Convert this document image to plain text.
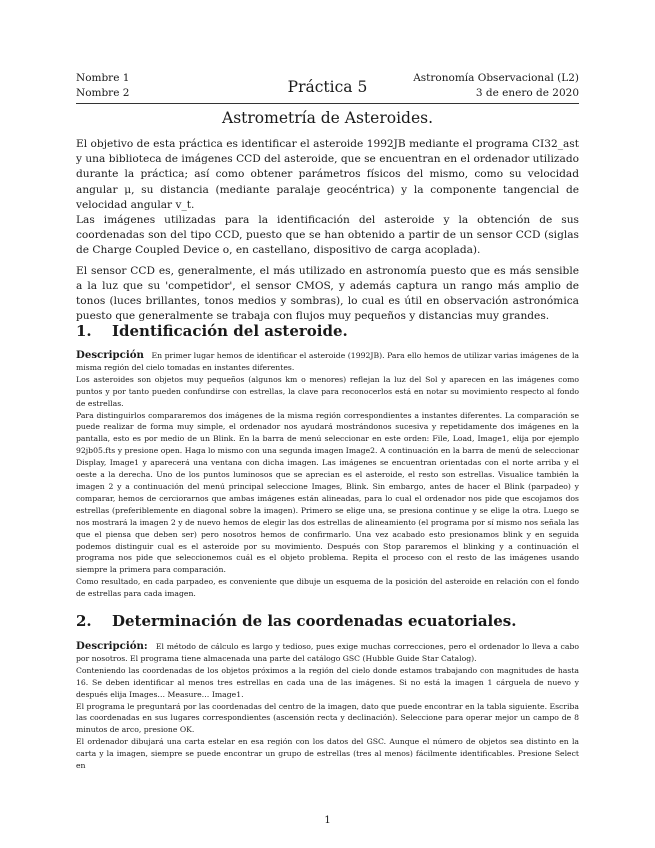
Nombre 1
Nombre 2	Práctica 5	Astronomía Observacional (L2)
3 de enero de 2020
Astrometría de Asteroides.

El objetivo de esta práctica es identificar el asteroide 1992JB mediante el programa CI32_ast y una biblioteca de imágenes CCD del asteroide, que se encuentran en el ordenador utilizado durante la práctica; así como obtener parámetros físicos del mismo, como su velocidad angular μ, su distancia (mediante paralaje geocéntrica) y la componente tangencial de velocidad angular v_t.

Las imágenes utilizadas para la identificación del asteroide y la obtención de sus coordenadas son del tipo CCD, puesto que se han obtenido a partir de un sensor CCD (siglas de Charge Coupled Device o, en castellano, dispositivo de carga acoplada).

El sensor CCD es, generalmente, el más utilizado en astronomía puesto que es más sensible a la luz que su 'competidor', el sensor CMOS, y además captura un rango más amplio de tonos (luces brillantes, tonos medios y sombras), lo cual es útil en observación astronómica puesto que generalmente se trabaja con flujos muy pequeños y distancias muy grandes.

1. Identificación del asteroide.

Descripción En primer lugar hemos de identificar el asteroide (1992JB). Para ello hemos de utilizar varias imágenes de la misma región del cielo tomadas en instantes diferentes.

Los asteroides son objetos muy pequeños (algunos km o menores) reflejan la luz del Sol y aparecen en las imágenes como puntos y por tanto pueden confundirse con estrellas, la clave para reconocerlos está en notar su movimiento respecto al fondo de estrellas.

Para distinguirlos compararemos dos imágenes de la misma región correspondientes a instantes diferentes. La comparación se puede realizar de forma muy simple, el ordenador nos ayudará mostrándonos sucesiva y repetidamente dos imágenes en la pantalla, esto es por medio de un Blink. En la barra de menú seleccionar en este orden: File, Load, Image1, elija por ejemplo 92jb05.fts y presione open. Haga lo mismo con una segunda imagen Image2. A continuación en la barra de menú de seleccionar Display, Image1 y aparecerá una ventana con dicha imagen. Las imágenes se encuentran orientadas con el norte arriba y el oeste a la derecha. Uno de los puntos luminosos que se aprecian es el asteroide, el resto son estrellas. Visualice también la imagen 2 y a continuación del menú principal seleccione Images, Blink. Sin embargo, antes de hacer el Blink (parpadeo) y comparar, hemos de cerciorarnos que ambas imágenes están alineadas, para lo cual el ordenador nos pide que escojamos dos estrellas (preferiblemente en diagonal sobre la imagen). Primero se elige una, se presiona continue y se elige la otra. Luego se nos mostrará la imagen 2 y de nuevo hemos de elegir las dos estrellas de alineamiento (el programa por sí mismo nos señala las que el piensa que deben ser) pero nosotros hemos de confirmarlo. Una vez acabado esto presionamos blink y en seguida podemos distinguir cual es el asteroide por su movimiento. Después con Stop pararemos el blinking y a continuación el programa nos pide que seleccionemos cuál es el objeto problema. Repita el proceso con el resto de las imágenes usando siempre la primera para comparación.

Como resultado, en cada parpadeo, es conveniente que dibuje un esquema de la posición del asteroide en relación con el fondo de estrellas para cada imagen.

2. Determinación de las coordenadas ecuatoriales.

Descripción: El método de cálculo es largo y tedioso, pues exige muchas correcciones, pero el ordenador lo lleva a cabo por nosotros. El programa tiene almacenada una parte del catálogo GSC (Hubble Guide Star Catalog).

Conteniendo las coordenadas de los objetos próximos a la región del cielo donde estamos trabajando con magnitudes de hasta 16. Se deben identificar al menos tres estrellas en cada una de las imágenes. Si no está la imagen 1 cárguela de nuevo y después elija Images… Measure… Image1.

El programa le preguntará por las coordenadas del centro de la imagen, dato que puede encontrar en la tabla siguiente. Escriba las coordenadas en sus lugares correspondientes (ascensión recta y declinación). Seleccione para operar mejor un campo de 8 minutos de arco, presione OK.

El ordenador dibujará una carta estelar en esa región con los datos del GSC. Aunque el número de objetos sea distinto en la carta y la imagen, siempre se puede encontrar un grupo de estrellas (tres al menos) fácilmente identificables. Presione Select en

1
